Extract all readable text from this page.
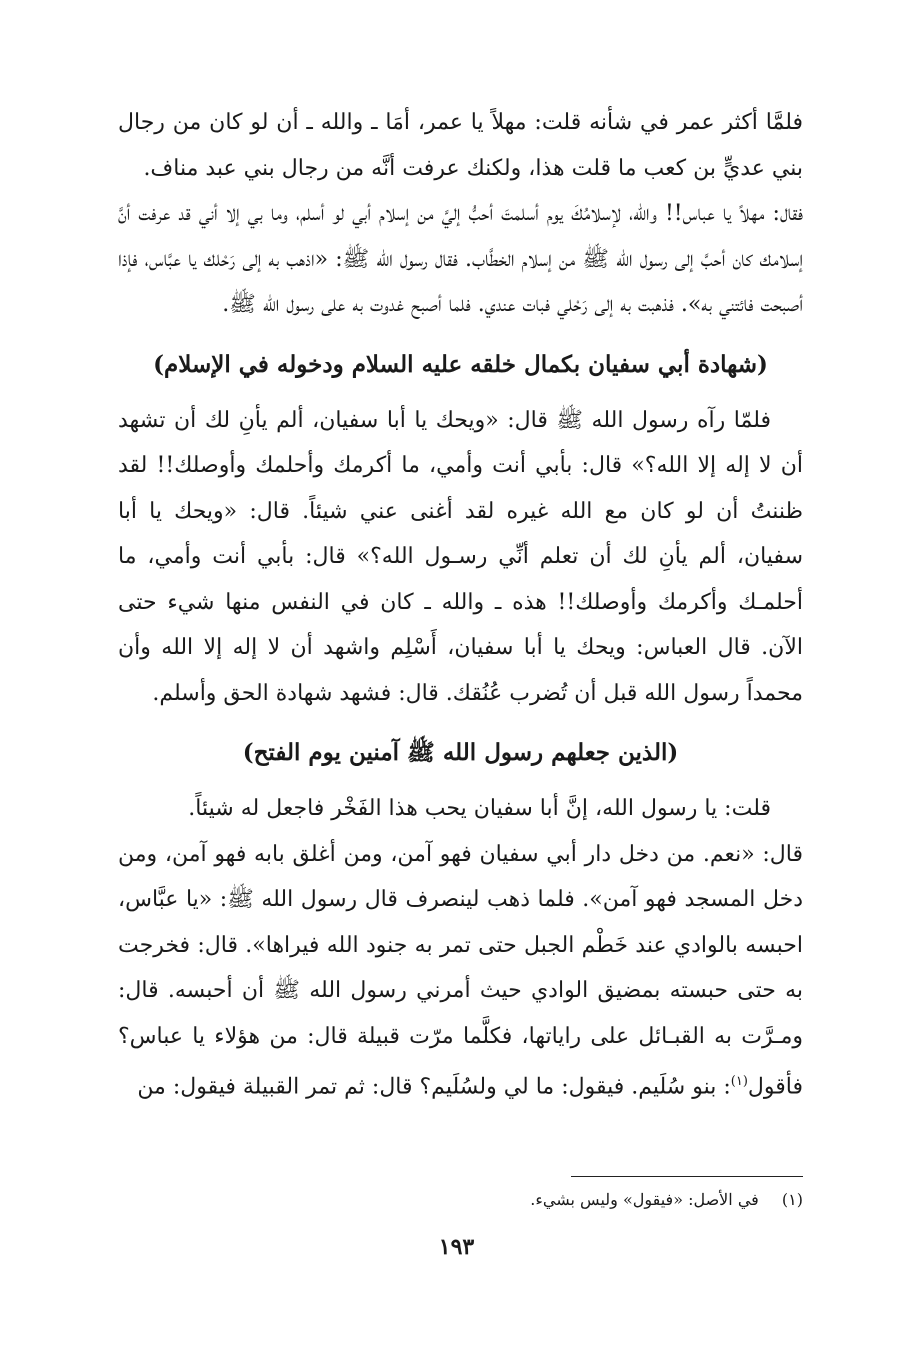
فلمَّا أكثر عمر في شأنه قلت: مهلاً يا عمر، أمَا ـ والله ـ أن لو كان من رجال بني عديٍّ بن كعب ما قلت هذا، ولكنك عرفت أنَّه من رجال بني عبد مناف.

فقال: مهلاً يا عباس!! والله، لإسلامُكَ يوم أسلمتَ أحبُّ إليَّ من إسلام أبي لو أسلم، وما بي إلا أني قد عرفت أنَّ إسلامك كان أحبَّ إلى رسول الله ﷺ من إسلام الخطَّاب. فقال رسول الله ﷺ: «اذهب به إلى رَحْلك يا عبَّاس، فإذا أصبحت فائتني به». فذهبت به إلى رَحْلي فبات عندي. فلما أصبح غدوت به على رسول الله ﷺ.

(شهادة أبي سفيان بكمال خلقه عليه السلام ودخوله في الإسلام)

فلمّا رآه رسول الله ﷺ قال: «ويحك يا أبا سفيان، ألم يأنِ لك أن تشهد أن لا إله إلا الله؟» قال: بأبي أنت وأمي، ما أكرمك وأحلمك وأوصلك!! لقد ظننتُ أن لو كان مع الله غيره لقد أغنى عني شيئاً. قال: «ويحك يا أبا سفيان، ألم يأنِ لك أن تعلم أنِّي رسـول الله؟» قال: بأبي أنت وأمي، ما أحلمـك وأكرمك وأوصلك!! هذه ـ والله ـ كان في النفس منها شيء حتى الآن. قال العباس: ويحك يا أبا سفيان، أَسْلِم واشهد أن لا إله إلا الله وأن محمداً رسول الله قبل أن تُضرب عُنُقك. قال: فشهد شهادة الحق وأسلم.

(الذين جعلهم رسول الله ﷺ آمنين يوم الفتح)

قلت: يا رسول الله، إنَّ أبا سفيان يحب هذا الفَخْر فاجعل له شيئاً.

قال: «نعم. من دخل دار أبي سفيان فهو آمن، ومن أغلق بابه فهو آمن، ومن دخل المسجد فهو آمن». فلما ذهب لينصرف قال رسول الله ﷺ: «يا عبَّاس، احبسه بالوادي عند خَطْم الجبل حتى تمر به جنود الله فيراها». قال: فخرجت به حتى حبسته بمضيق الوادي حيث أمرني رسول الله ﷺ أن أحبسه. قال: ومـرَّت به القبـائل على راياتها، فكلَّما مرّت قبيلة قال: من هؤلاء يا عباس؟ فأقول$^{(١)}$: بنو سُلَيم. فيقول: ما لي ولسُلَيم؟ قال: ثم تمر القبيلة فيقول: من

(١) في الأصل: «فيقول» وليس بشيء.
١٩٣
